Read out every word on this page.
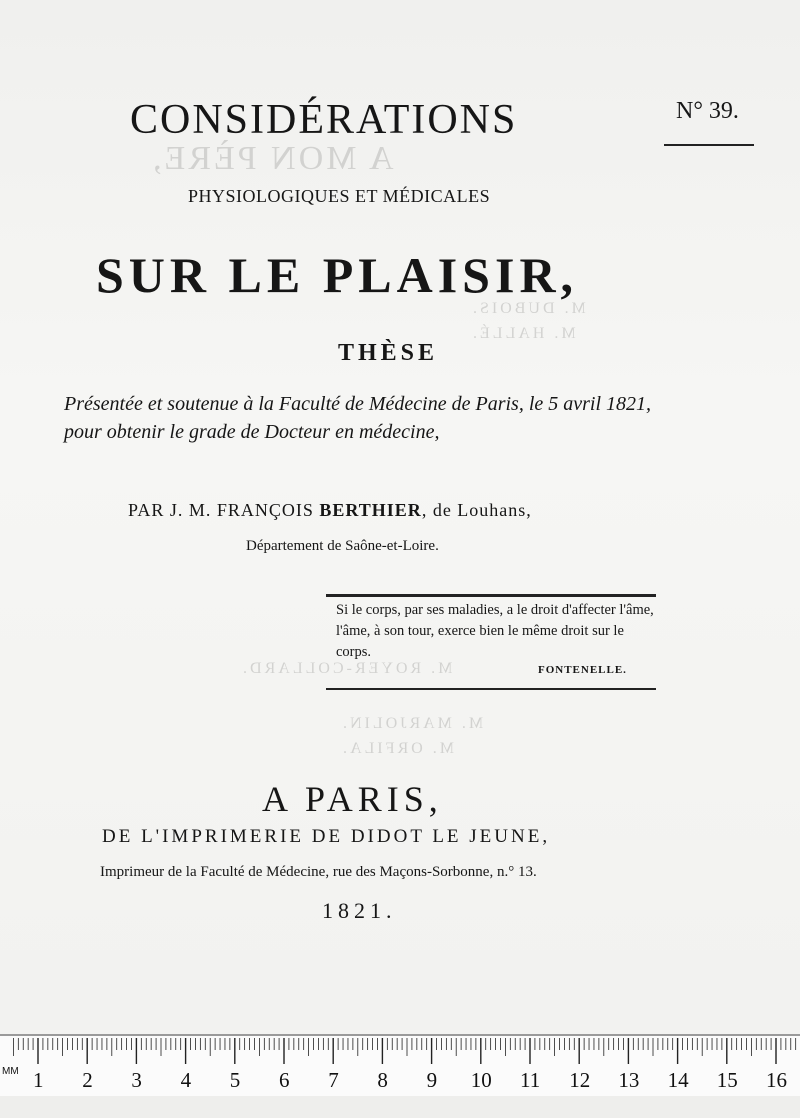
A MON PÈRE,
M. DUBOIS.
M. HALLÉ.
M. ROYER-COLLARD.
M. MARJOLIN.
M. ORFILA.
CONSIDÉRATIONS	N° 39.
PHYSIOLOGIQUES ET MÉDICALES
SUR LE PLAISIR,
THÈSE
Présentée et soutenue à la Faculté de Médecine de Paris, le 5 avril 1821, pour obtenir le grade de Docteur en médecine,
PAR J. M. FRANÇOIS BERTHIER, de Louhans,
Département de Saône-et-Loire.
Si le corps, par ses maladies, a le droit d'affecter l'âme, l'âme, à son tour, exerce bien le même droit sur le corps.
FONTENELLE.
A PARIS,
DE L'IMPRIMERIE DE DIDOT LE JEUNE,
Imprimeur de la Faculté de Médecine, rue des Maçons-Sorbonne, n.° 13.
1821.
MM 1 2 3 4 5 6 7 8 9 10 11 12 13 14 15 16
